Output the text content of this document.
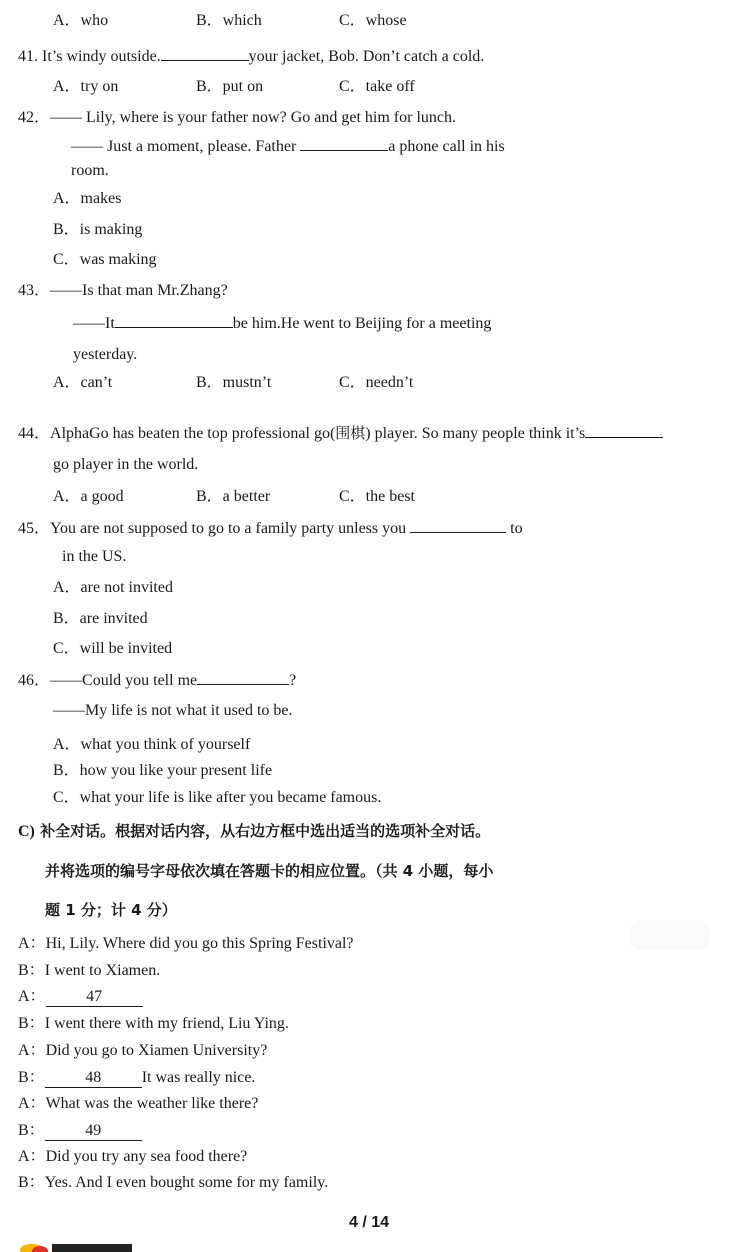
A．who	B．which	C．whose
41. It’s windy outside.	your jacket, Bob. Don’t catch a cold.
A．try on	B．put on	C．take off
42．—— Lily, where is your father now? Go and get him for lunch.
—— Just a moment, please. Father	a phone call in his
room.
A．makes
B．is making
C．was making
43．——Is that man Mr.Zhang?
——It	be him.He went to Beijing for a meeting
yesterday.
A．can’t	B．mustn’t	C．needn’t
44．AlphaGo has beaten the top professional go(围棋) player. So many people think it’s
go player in the world.
A．a good	B．a better	C．the best
45．You are not supposed to go to a family party unless you	to
in the US.
A．are not invited
B．are invited
C．will be invited
46．——Could you tell me	?
——My life is not what it used to be.
A．what you think of yourself
B．how you like your present life
C．what your life is like after you became famous.
C) 补全对话。根据对话内容，从右边方框中选出适当的选项补全对话。
并将选项的编号字母依次填在答题卡的相应位置。（共 4 小题，每小
题 1 分；计 4 分）
A：Hi, Lily. Where did you go this Spring Festival?
B：I went to Xiamen.
A：	47
B：I went there with my friend, Liu Ying.
A：Did you go to Xiamen University?
B：	48	It was really nice.
A：What was the weather like there?
B：	49
A：Did you try any sea food there?
B：Yes. And I even bought some for my family.
4 / 14
